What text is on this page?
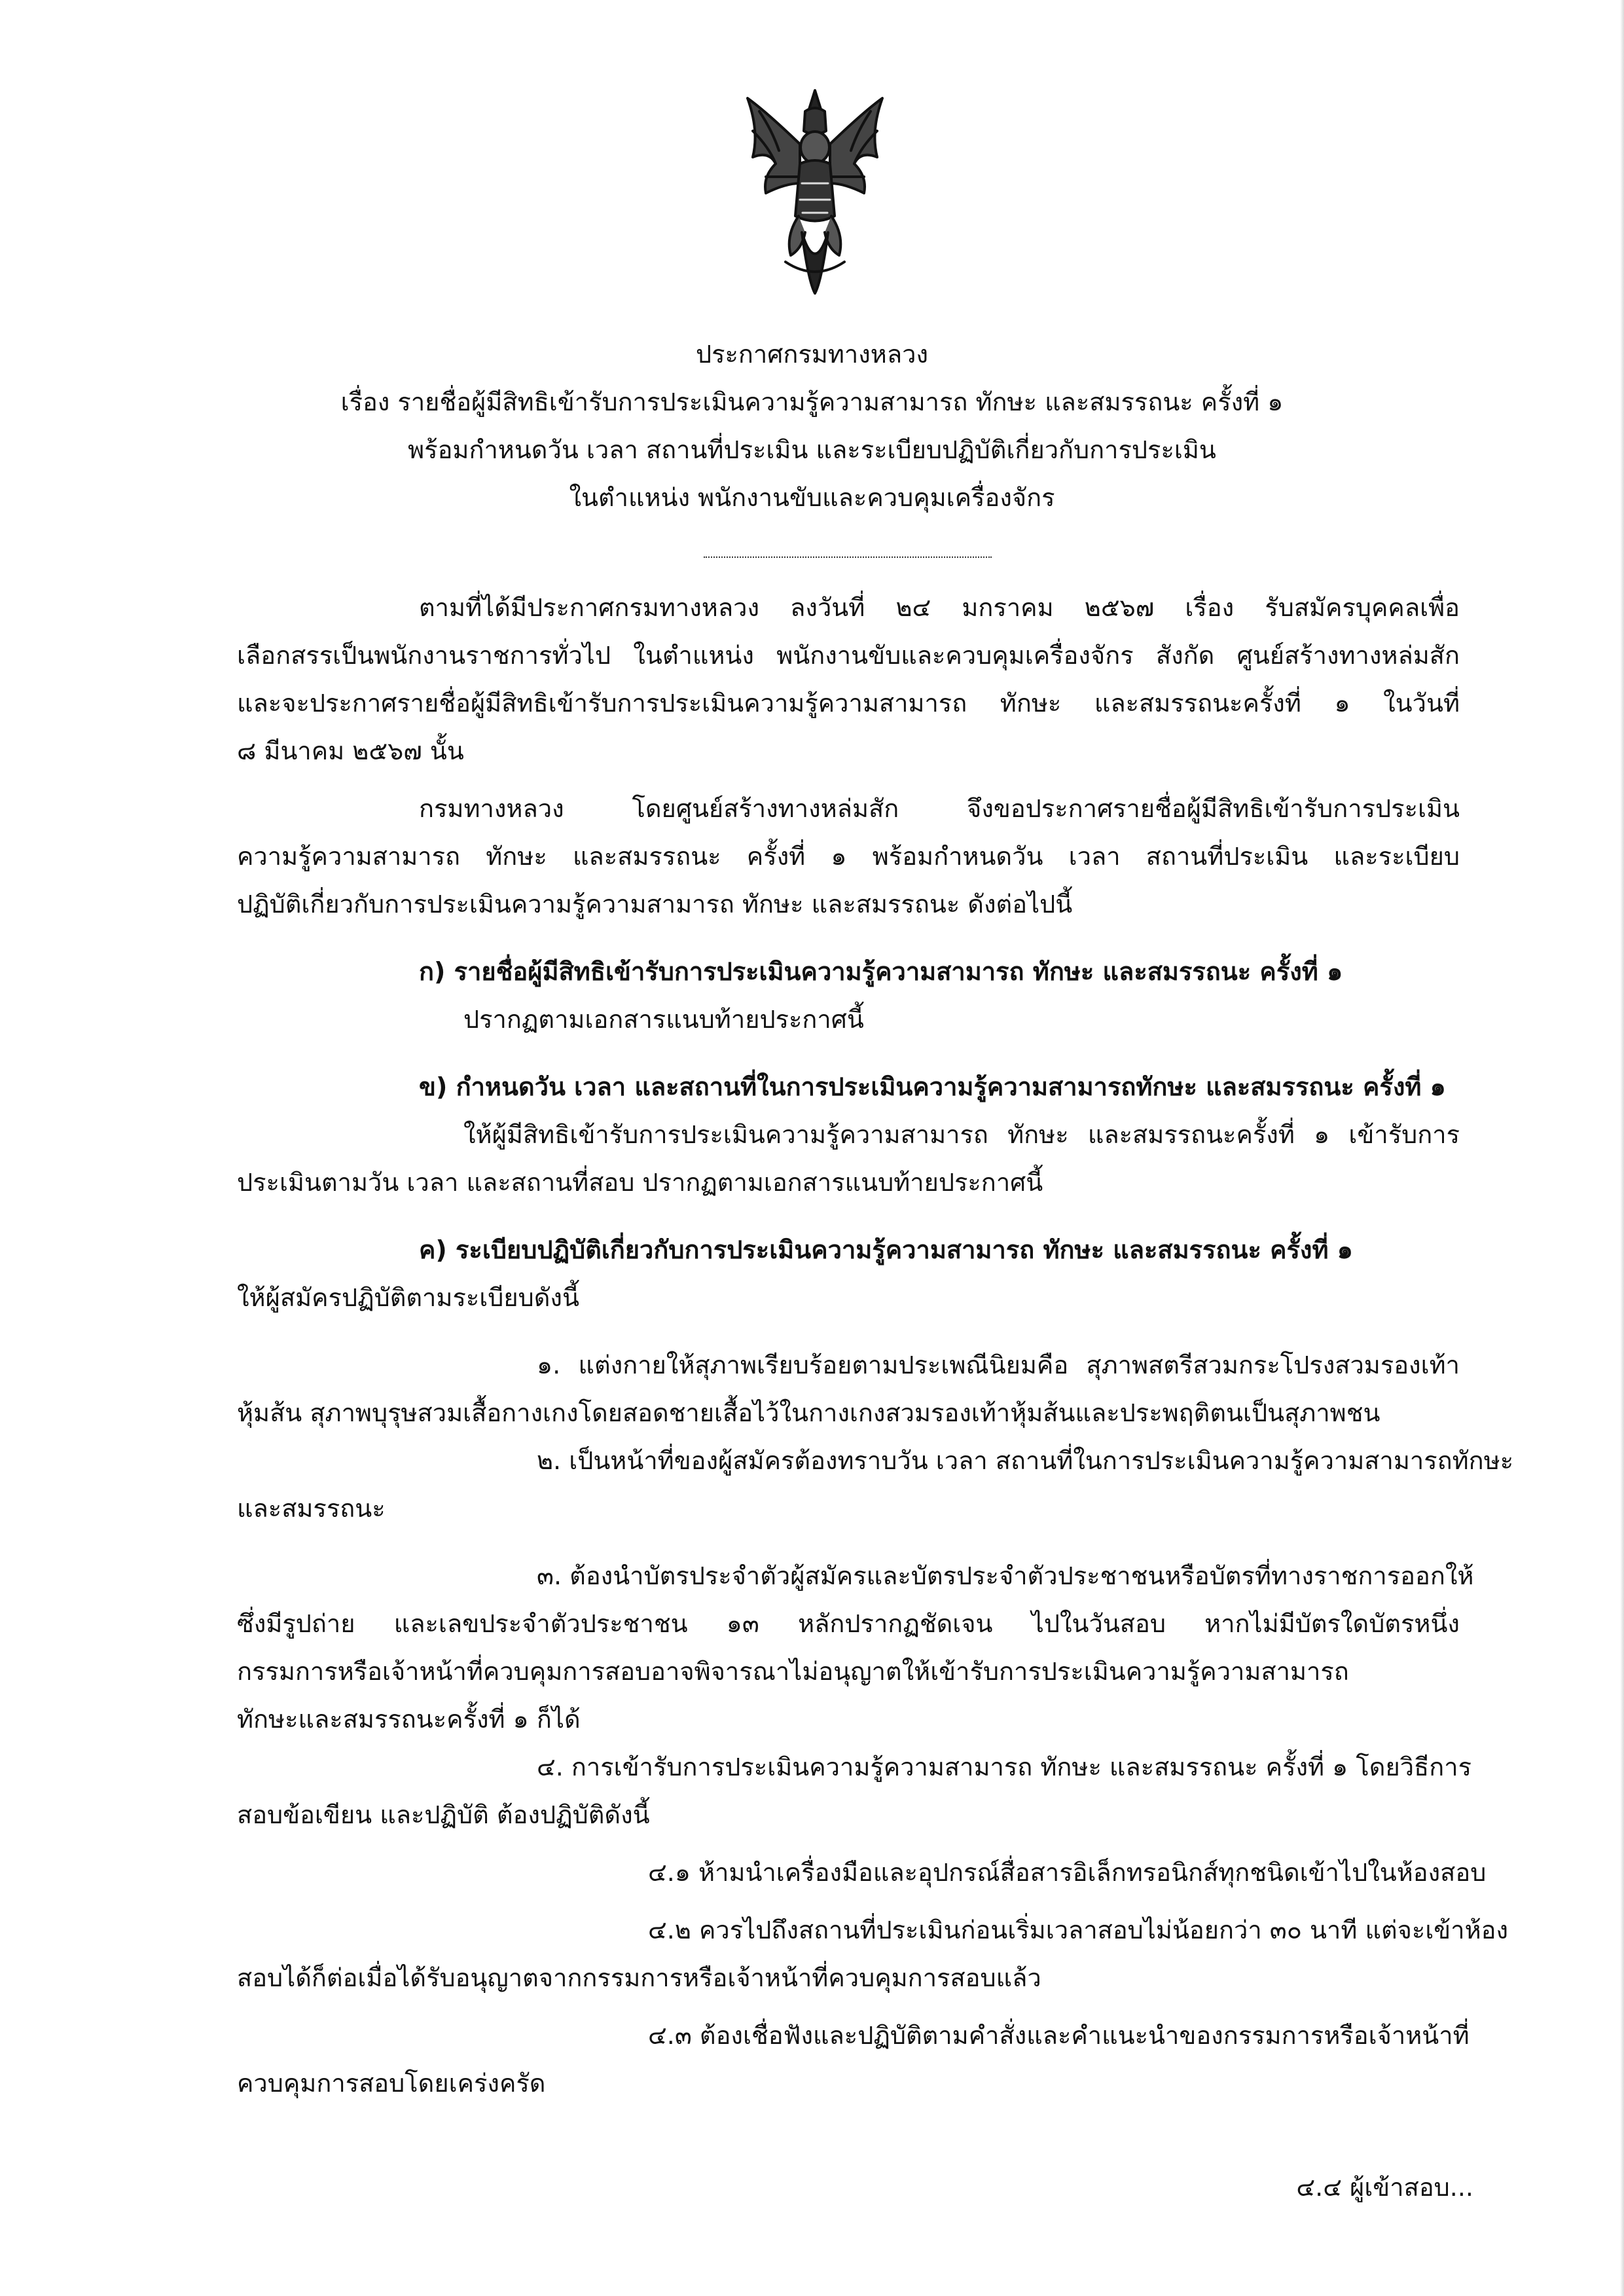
ประกาศกรมทางหลวง
เรื่อง รายชื่อผู้มีสิทธิเข้ารับการประเมินความรู้ความสามารถ ทักษะ และสมรรถนะ ครั้งที่ ๑
พร้อมกำหนดวัน เวลา สถานที่ประเมิน และระเบียบปฏิบัติเกี่ยวกับการประเมิน
ในตำแหน่ง พนักงานขับและควบคุมเครื่องจักร
ตามที่ได้มีประกาศกรมทางหลวง ลงวันที่ ๒๔ มกราคม ๒๕๖๗ เรื่อง รับสมัครบุคคลเพื่อ
เลือกสรรเป็นพนักงานราชการทั่วไป ในตำแหน่ง พนักงานขับและควบคุมเครื่องจักร สังกัด ศูนย์สร้างทางหล่มสัก
และจะประกาศรายชื่อผู้มีสิทธิเข้ารับการประเมินความรู้ความสามารถ ทักษะ และสมรรถนะครั้งที่ ๑ ในวันที่
๘ มีนาคม ๒๕๖๗ นั้น
กรมทางหลวง โดยศูนย์สร้างทางหล่มสัก จึงขอประกาศรายชื่อผู้มีสิทธิเข้ารับการประเมิน
ความรู้ความสามารถ ทักษะ และสมรรถนะ ครั้งที่ ๑ พร้อมกำหนดวัน เวลา สถานที่ประเมิน และระเบียบ
ปฏิบัติเกี่ยวกับการประเมินความรู้ความสามารถ ทักษะ และสมรรถนะ ดังต่อไปนี้
ก) รายชื่อผู้มีสิทธิเข้ารับการประเมินความรู้ความสามารถ ทักษะ และสมรรถนะ ครั้งที่ ๑
ปรากฏตามเอกสารแนบท้ายประกาศนี้
ข) กำหนดวัน เวลา และสถานที่ในการประเมินความรู้ความสามารถทักษะ และสมรรถนะ ครั้งที่ ๑
ให้ผู้มีสิทธิเข้ารับการประเมินความรู้ความสามารถ ทักษะ และสมรรถนะครั้งที่ ๑ เข้ารับการ
ประเมินตามวัน เวลา และสถานที่สอบ ปรากฏตามเอกสารแนบท้ายประกาศนี้
ค) ระเบียบปฏิบัติเกี่ยวกับการประเมินความรู้ความสามารถ ทักษะ และสมรรถนะ ครั้งที่ ๑
ให้ผู้สมัครปฏิบัติตามระเบียบดังนี้
๑. แต่งกายให้สุภาพเรียบร้อยตามประเพณีนิยมคือ สุภาพสตรีสวมกระโปรงสวมรองเท้า
หุ้มส้น สุภาพบุรุษสวมเสื้อกางเกงโดยสอดชายเสื้อไว้ในกางเกงสวมรองเท้าหุ้มส้นและประพฤติตนเป็นสุภาพชน
๒. เป็นหน้าที่ของผู้สมัครต้องทราบวัน เวลา สถานที่ในการประเมินความรู้ความสามารถทักษะ
และสมรรถนะ
๓. ต้องนำบัตรประจำตัวผู้สมัครและบัตรประจำตัวประชาชนหรือบัตรที่ทางราชการออกให้
ซึ่งมีรูปถ่าย และเลขประจำตัวประชาชน ๑๓ หลักปรากฏชัดเจน ไปในวันสอบ หากไม่มีบัตรใดบัตรหนึ่ง
กรรมการหรือเจ้าหน้าที่ควบคุมการสอบอาจพิจารณาไม่อนุญาตให้เข้ารับการประเมินความรู้ความสามารถ
ทักษะและสมรรถนะครั้งที่ ๑ ก็ได้
๔. การเข้ารับการประเมินความรู้ความสามารถ ทักษะ และสมรรถนะ ครั้งที่ ๑ โดยวิธีการ
สอบข้อเขียน และปฏิบัติ ต้องปฏิบัติดังนี้
๔.๑ ห้ามนำเครื่องมือและอุปกรณ์สื่อสารอิเล็กทรอนิกส์ทุกชนิดเข้าไปในห้องสอบ
๔.๒ ควรไปถึงสถานที่ประเมินก่อนเริ่มเวลาสอบไม่น้อยกว่า ๓๐ นาที แต่จะเข้าห้อง
สอบได้ก็ต่อเมื่อได้รับอนุญาตจากกรรมการหรือเจ้าหน้าที่ควบคุมการสอบแล้ว
๔.๓ ต้องเชื่อฟังและปฏิบัติตามคำสั่งและคำแนะนำของกรรมการหรือเจ้าหน้าที่
ควบคุมการสอบโดยเคร่งครัด
๔.๔ ผู้เข้าสอบ...
